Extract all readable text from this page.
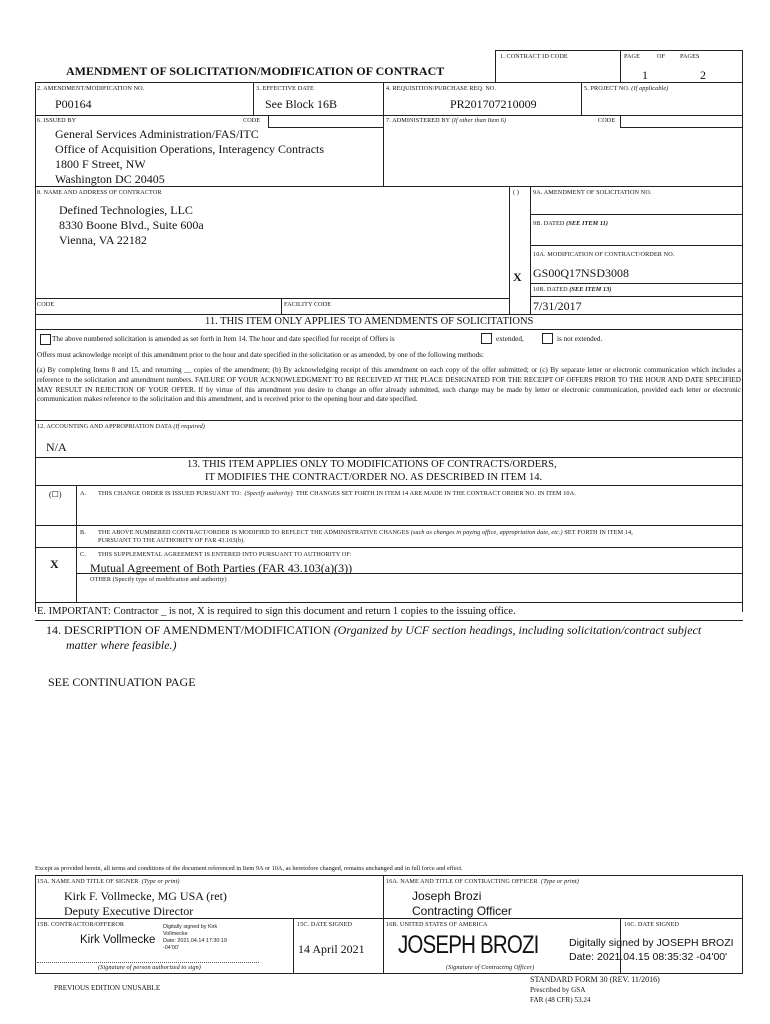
AMENDMENT OF SOLICITATION/MODIFICATION OF CONTRACT
1. CONTRACT ID CODE	PAGE	OF PAGES
1	2
2. AMENDMENT/MODIFICATION NO.
P00164
3. EFFECTIVE DATE
See Block 16B
4. REQUISITION/PURCHASE REQ. NO.
PR201707210009
5. PROJECT NO. (If applicable)
6. ISSUED BY	CODE
General Services Administration/FAS/ITC
Office of Acquisition Operations, Interagency Contracts
1800 F Street, NW
Washington DC 20405
7. ADMINISTERED BY (If other than Item 6)	CODE
8. NAME AND ADDRESS OF CONTRACTOR
Defined Technologies, LLC
8330 Boone Blvd., Suite 600a
Vienna, VA 22182
CODE	FACILITY CODE
( ) 9A. AMENDMENT OF SOLICITATION NO.
9B. DATED (SEE ITEM 11)
10A. MODIFICATION OF CONTRACT/ORDER NO.
X GS00Q17NSD3008
10B. DATED (SEE ITEM 13)
7/31/2017
11. THIS ITEM ONLY APPLIES TO AMENDMENTS OF SOLICITATIONS
The above numbered solicitation is amended as set forth in Item 14. The hour and date specified for receipt of Offers is	extended,	is not extended.
Offers must acknowledge receipt of this amendment prior to the hour and date specified in the solicitation or as amended, by one of the following methods:
(a) By completing Items 8 and 15, and returning __ copies of the amendment; (b) By acknowledging receipt of this amendment on each copy of the offer submitted; or (c) By separate letter or electronic communication which includes a reference to the solicitation and amendment numbers. FAILURE OF YOUR ACKNOWLEDGMENT TO BE RECEIVED AT THE PLACE DESIGNATED FOR THE RECEIPT OF OFFERS PRIOR TO THE HOUR AND DATE SPECIFIED MAY RESULT IN REJECTION OF YOUR OFFER. If by virtue of this amendment you desire to change an offer already submitted, such change may be made by letter or electronic communication, provided each letter or electronic communication makes reference to the solicitation and this amendment, and is received prior to the opening hour and date specified.
12. ACCOUNTING AND APPROPRIATION DATA (If required)
N/A
13. THIS ITEM APPLIES ONLY TO MODIFICATIONS OF CONTRACTS/ORDERS,
IT MODIFIES THE CONTRACT/ORDER NO. AS DESCRIBED IN ITEM 14.
(☐)	A. THIS CHANGE ORDER IS ISSUED PURSUANT TO: (Specify authority) THE CHANGES SET FORTH IN ITEM 14 ARE MADE IN THE CONTRACT ORDER NO. IN ITEM 10A.
B. THE ABOVE NUMBERED CONTRACT/ORDER IS MODIFIED TO REFLECT THE ADMINISTRATIVE CHANGES (such as changes in paying office, appropriation date, etc.) SET FORTH IN ITEM 14,
PURSUANT TO THE AUTHORITY OF FAR 43.103(b).
X
C. THIS SUPPLEMENTAL AGREEMENT IS ENTERED INTO PURSUANT TO AUTHORITY OF:
Mutual Agreement of Both Parties (FAR 43.103(a)(3))
OTHER (Specify type of modification and authority)
E. IMPORTANT: Contractor _ is not, X is required to sign this document and return 1 copies to the issuing office.
14. DESCRIPTION OF AMENDMENT/MODIFICATION (Organized by UCF section headings, including solicitation/contract subject
matter where feasible.)
SEE CONTINUATION PAGE
Except as provided herein, all terms and conditions of the document referenced in Item 9A or 10A, as heretofore changed, remains unchanged and in full force and effect.
15A. NAME AND TITLE OF SIGNER (Type or print)
Kirk F. Vollmecke, MG USA (ret)
Deputy Executive Director
16A. NAME AND TITLE OF CONTRACTING OFFICER (Type or print)
Joseph Brozi
Contracting Officer
15B. CONTRACTOR/OFFEROR
Kirk Vollmecke
Digitally signed by Kirk
Vollmecke
Date: 2021.04.14 17:30:19
-04'00'
(Signature of person authorized to sign)
15C. DATE SIGNED
14 April 2021
16B. UNITED STATES OF AMERICA
JOSEPH BROZI	Digitally signed by JOSEPH BROZI
Date: 2021.04.15 08:35:32 -04'00'
(Signature of Contracting Officer)
16C. DATE SIGNED
PREVIOUS EDITION UNUSABLE
STANDARD FORM 30 (REV. 11/2016)
Prescribed by GSA
FAR (48 CFR) 53.24
